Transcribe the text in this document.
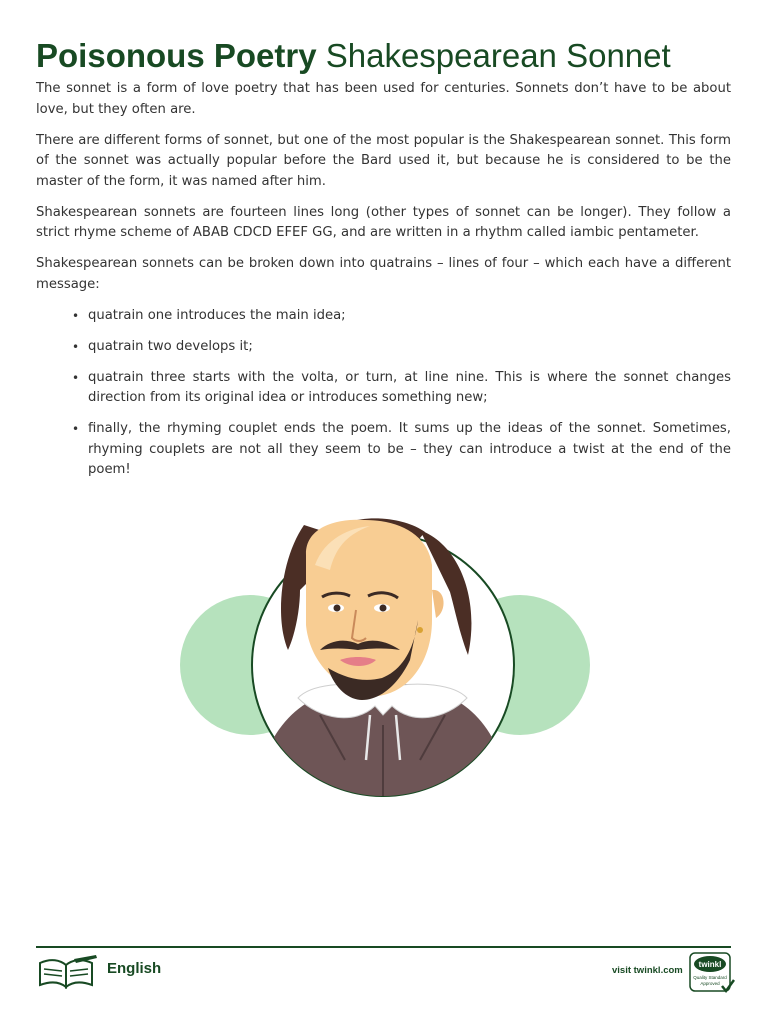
Poisonous Poetry Shakespearean Sonnet

The sonnet is a form of love poetry that has been used for centuries. Sonnets don’t have to be about love, but they often are.

There are different forms of sonnet, but one of the most popular is the Shakespearean sonnet. This form of the sonnet was actually popular before the Bard used it, but because he is considered to be the master of the form, it was named after him.

Shakespearean sonnets are fourteen lines long (other types of sonnet can be longer). They follow a strict rhyme scheme of ABAB CDCD EFEF GG, and are written in a rhythm called iambic pentameter.

Shakespearean sonnets can be broken down into quatrains – lines of four – which each have a different message:

• quatrain one introduces the main idea;
• quatrain two develops it;
• quatrain three starts with the volta, or turn, at line nine. This is where the sonnet changes direction from its original idea or introduces something new;
• finally, the rhyming couplet ends the poem. It sums up the ideas of the sonnet. Sometimes, rhyming couplets are not all they seem to be – they can introduce a twist at the end of the poem!
English	visit twinkl.com
twinkl
Quality Standard
Approved
